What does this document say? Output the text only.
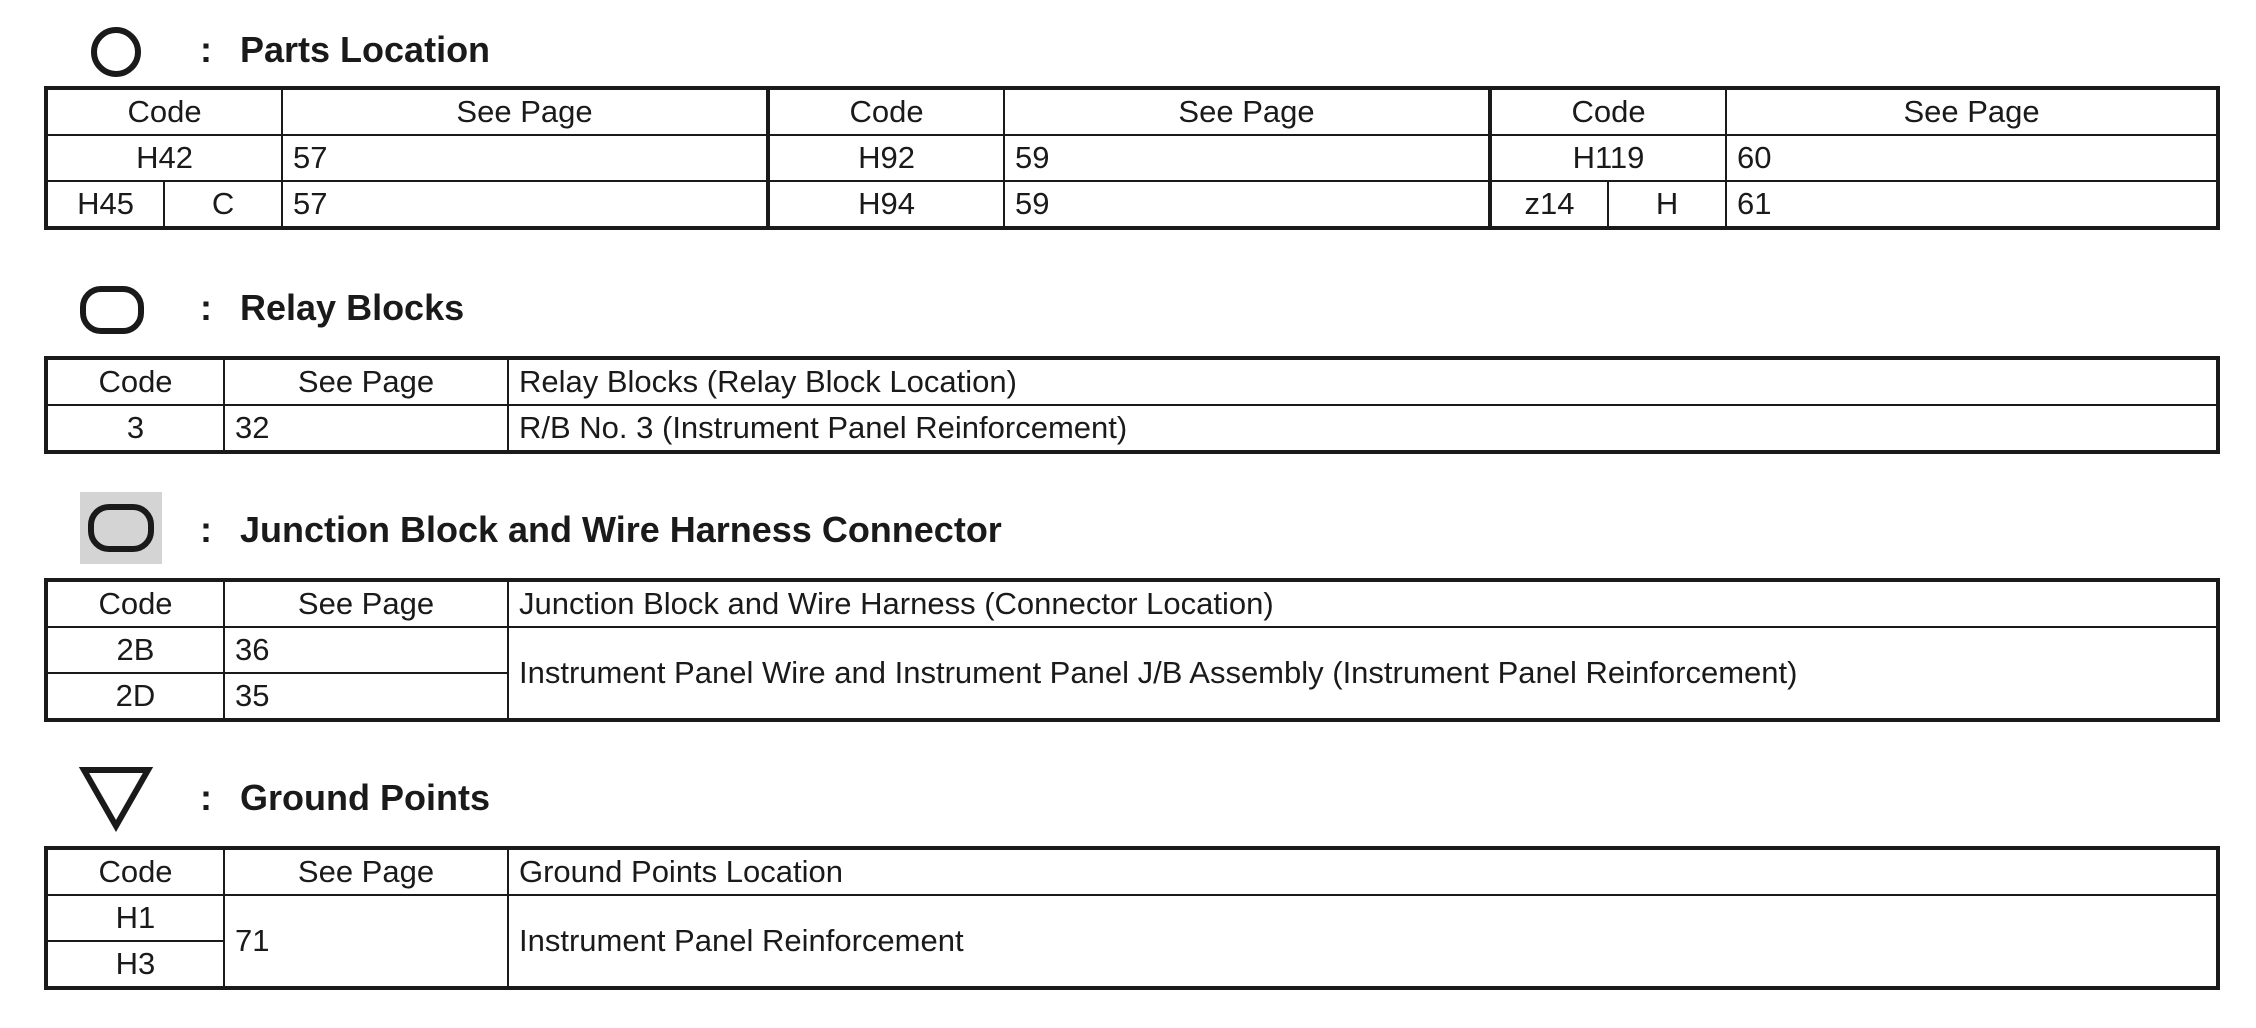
: Parts Location
Code		See Page	Code	See Page	Code		See Page
H42		57	H92	59	H119		60
H45	C	57	H94	59	z14	H	61
: Relay Blocks
Code	See Page	Relay Blocks (Relay Block Location)
3	32	R/B No. 3 (Instrument Panel Reinforcement)
: Junction Block and Wire Harness Connector
Code	See Page	Junction Block and Wire Harness (Connector Location)
2B	36	Instrument Panel Wire and Instrument Panel J/B Assembly (Instrument Panel Reinforcement)
2D	35	
: Ground Points
Code	See Page	Ground Points Location
H1	71	Instrument Panel Reinforcement
H3		
